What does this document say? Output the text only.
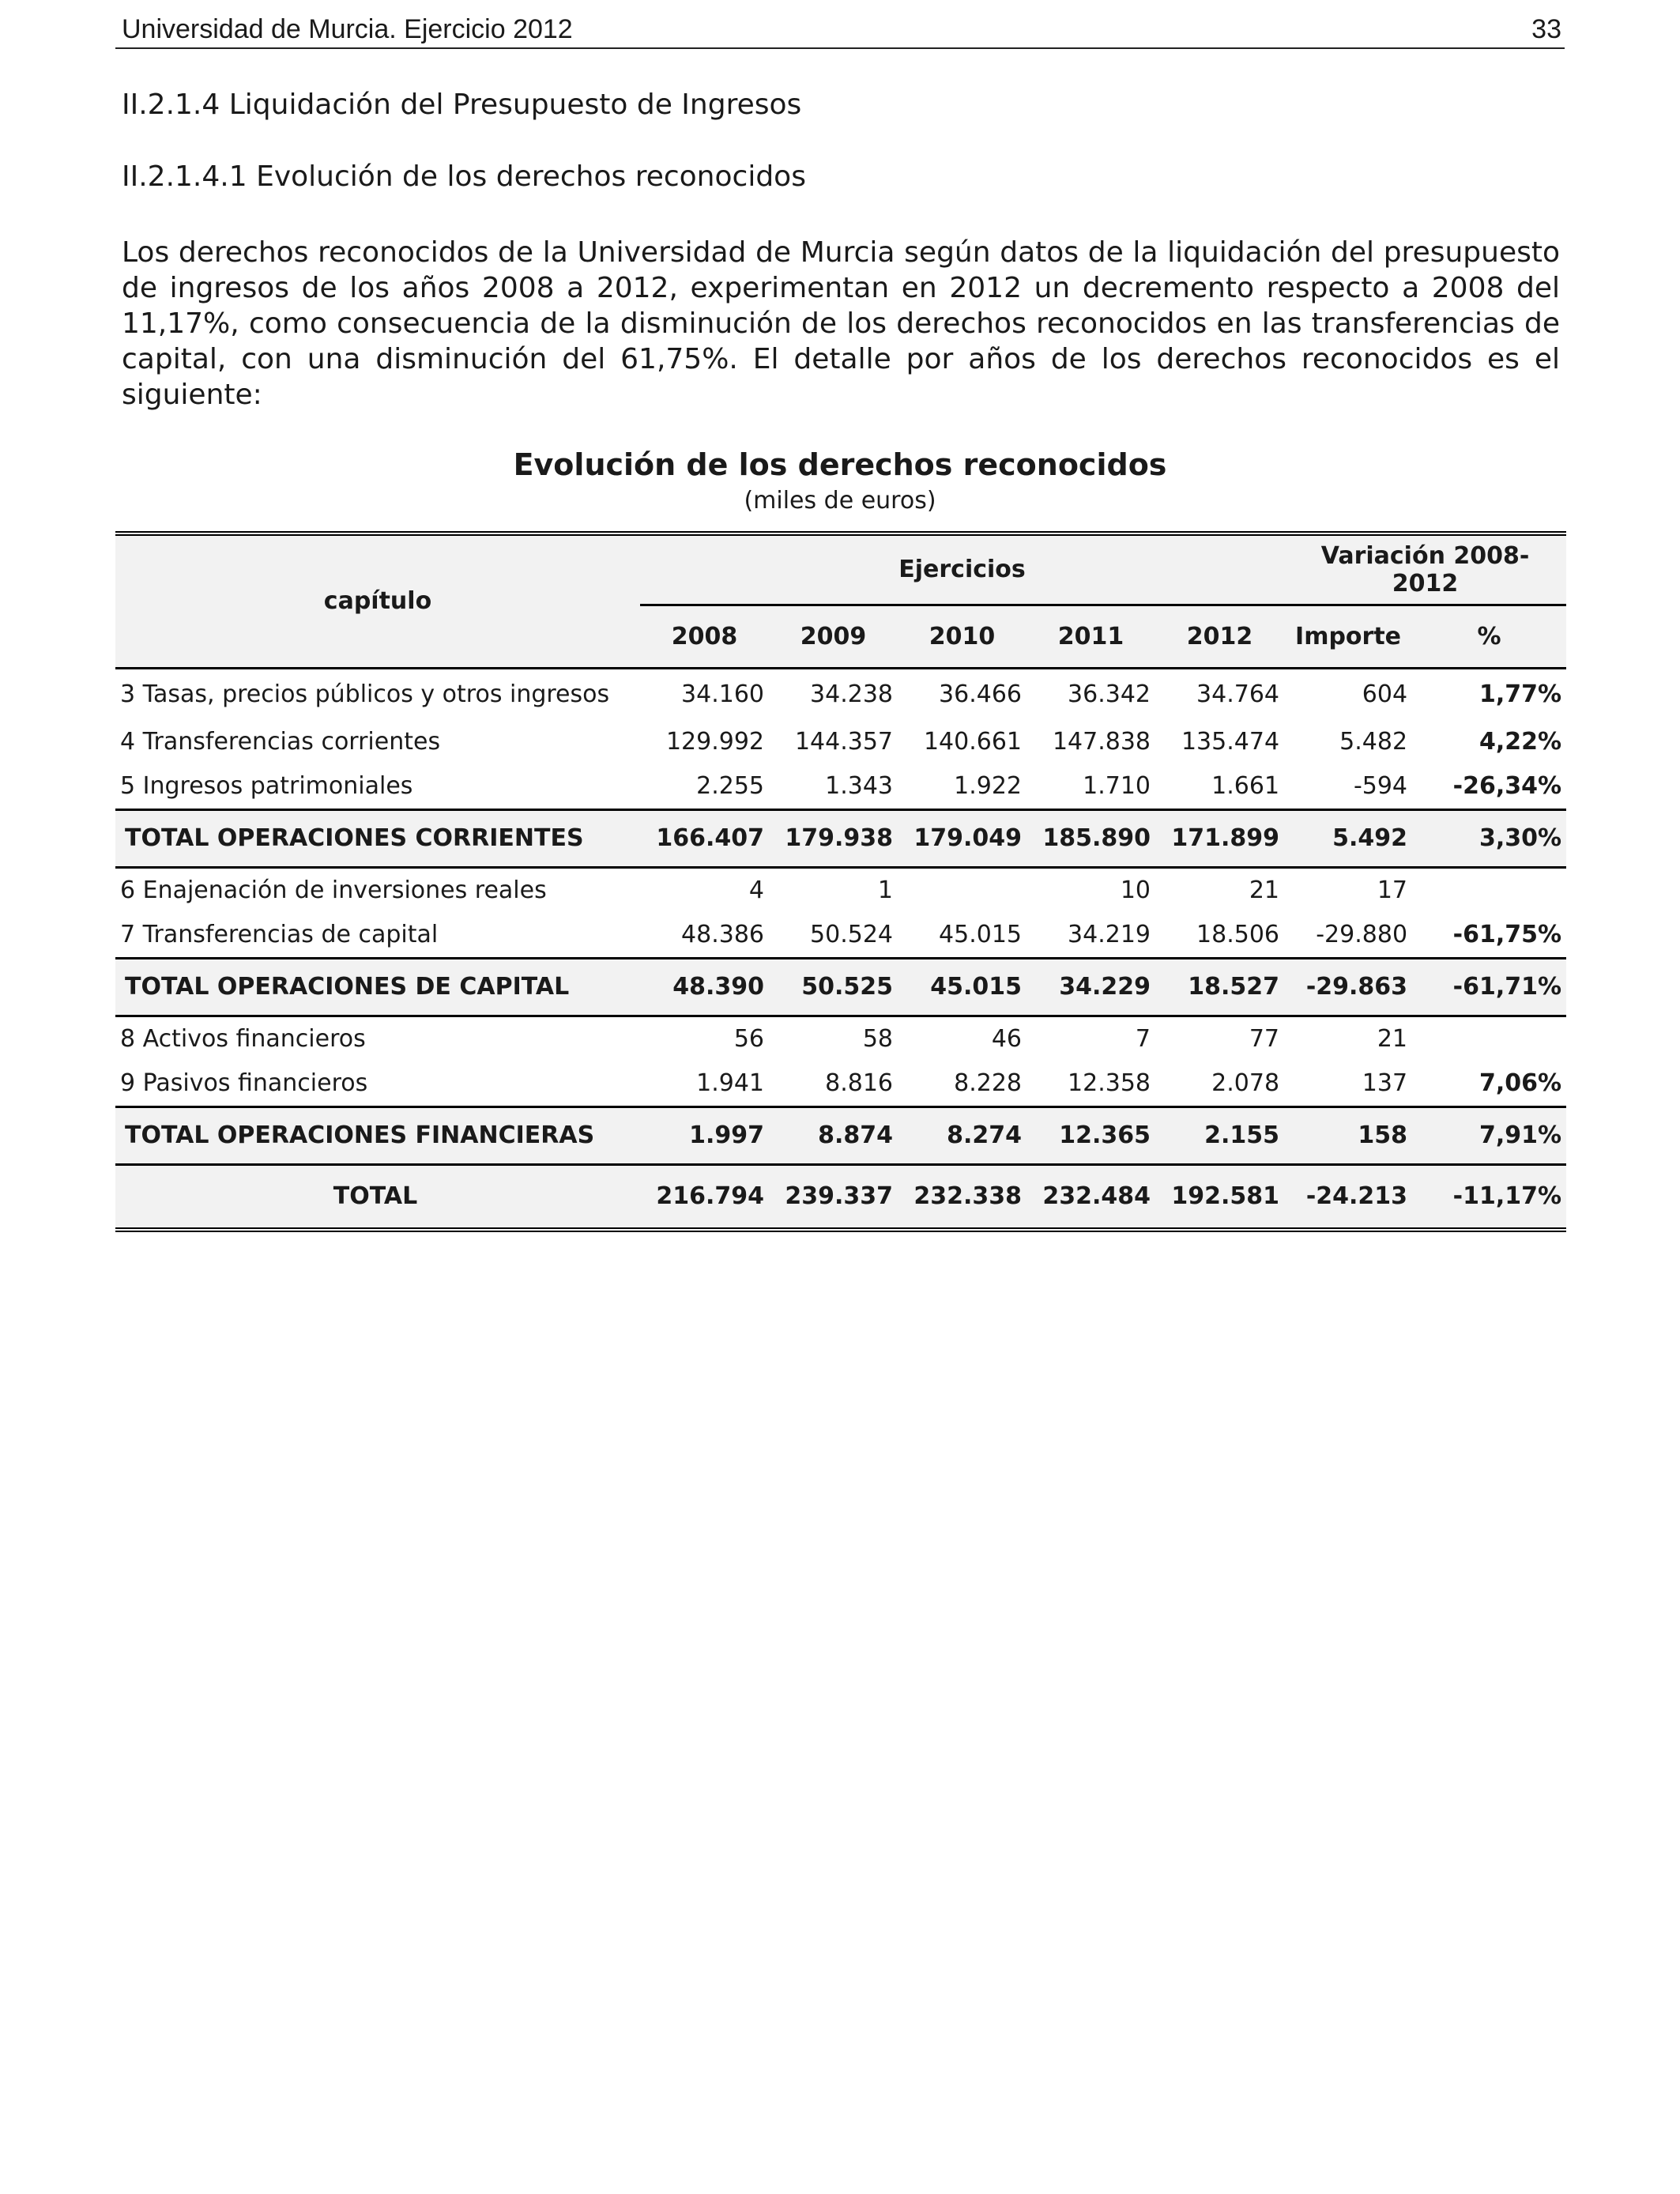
Universidad de Murcia. Ejercicio 2012	33
II.2.1.4 Liquidación del Presupuesto de Ingresos
II.2.1.4.1 Evolución de los derechos reconocidos

Los derechos reconocidos de la Universidad de Murcia según datos de la liquidación del presupuesto de ingresos de los años 2008 a 2012, experimentan en 2012 un decremento respecto a 2008 del 11,17%, como consecuencia de la disminución de los derechos reconocidos en las transferencias de capital, con una disminución del 61,75%. El detalle por años de los derechos reconocidos es el siguiente:

Evolución de los derechos reconocidos
(miles de euros)
capítulo	Ejercicios					Variación 2008-2012	
	2008	2009	2010	2011	2012	Importe	%
3 Tasas, precios públicos y otros ingresos	34.160	34.238	36.466	36.342	34.764	604	1,77%
4 Transferencias corrientes	129.992	144.357	140.661	147.838	135.474	5.482	4,22%
5 Ingresos patrimoniales	2.255	1.343	1.922	1.710	1.661	-594	-26,34%
TOTAL OPERACIONES CORRIENTES	166.407	179.938	179.049	185.890	171.899	5.492	3,30%
6 Enajenación de inversiones reales	4	1		10	21	17	
7 Transferencias de capital	48.386	50.524	45.015	34.219	18.506	-29.880	-61,75%
TOTAL OPERACIONES DE CAPITAL	48.390	50.525	45.015	34.229	18.527	-29.863	-61,71%
8 Activos financieros	56	58	46	7	77	21	
9 Pasivos financieros	1.941	8.816	8.228	12.358	2.078	137	7,06%
TOTAL OPERACIONES FINANCIERAS	1.997	8.874	8.274	12.365	2.155	158	7,91%
TOTAL	216.794	239.337	232.338	232.484	192.581	-24.213	-11,17%
